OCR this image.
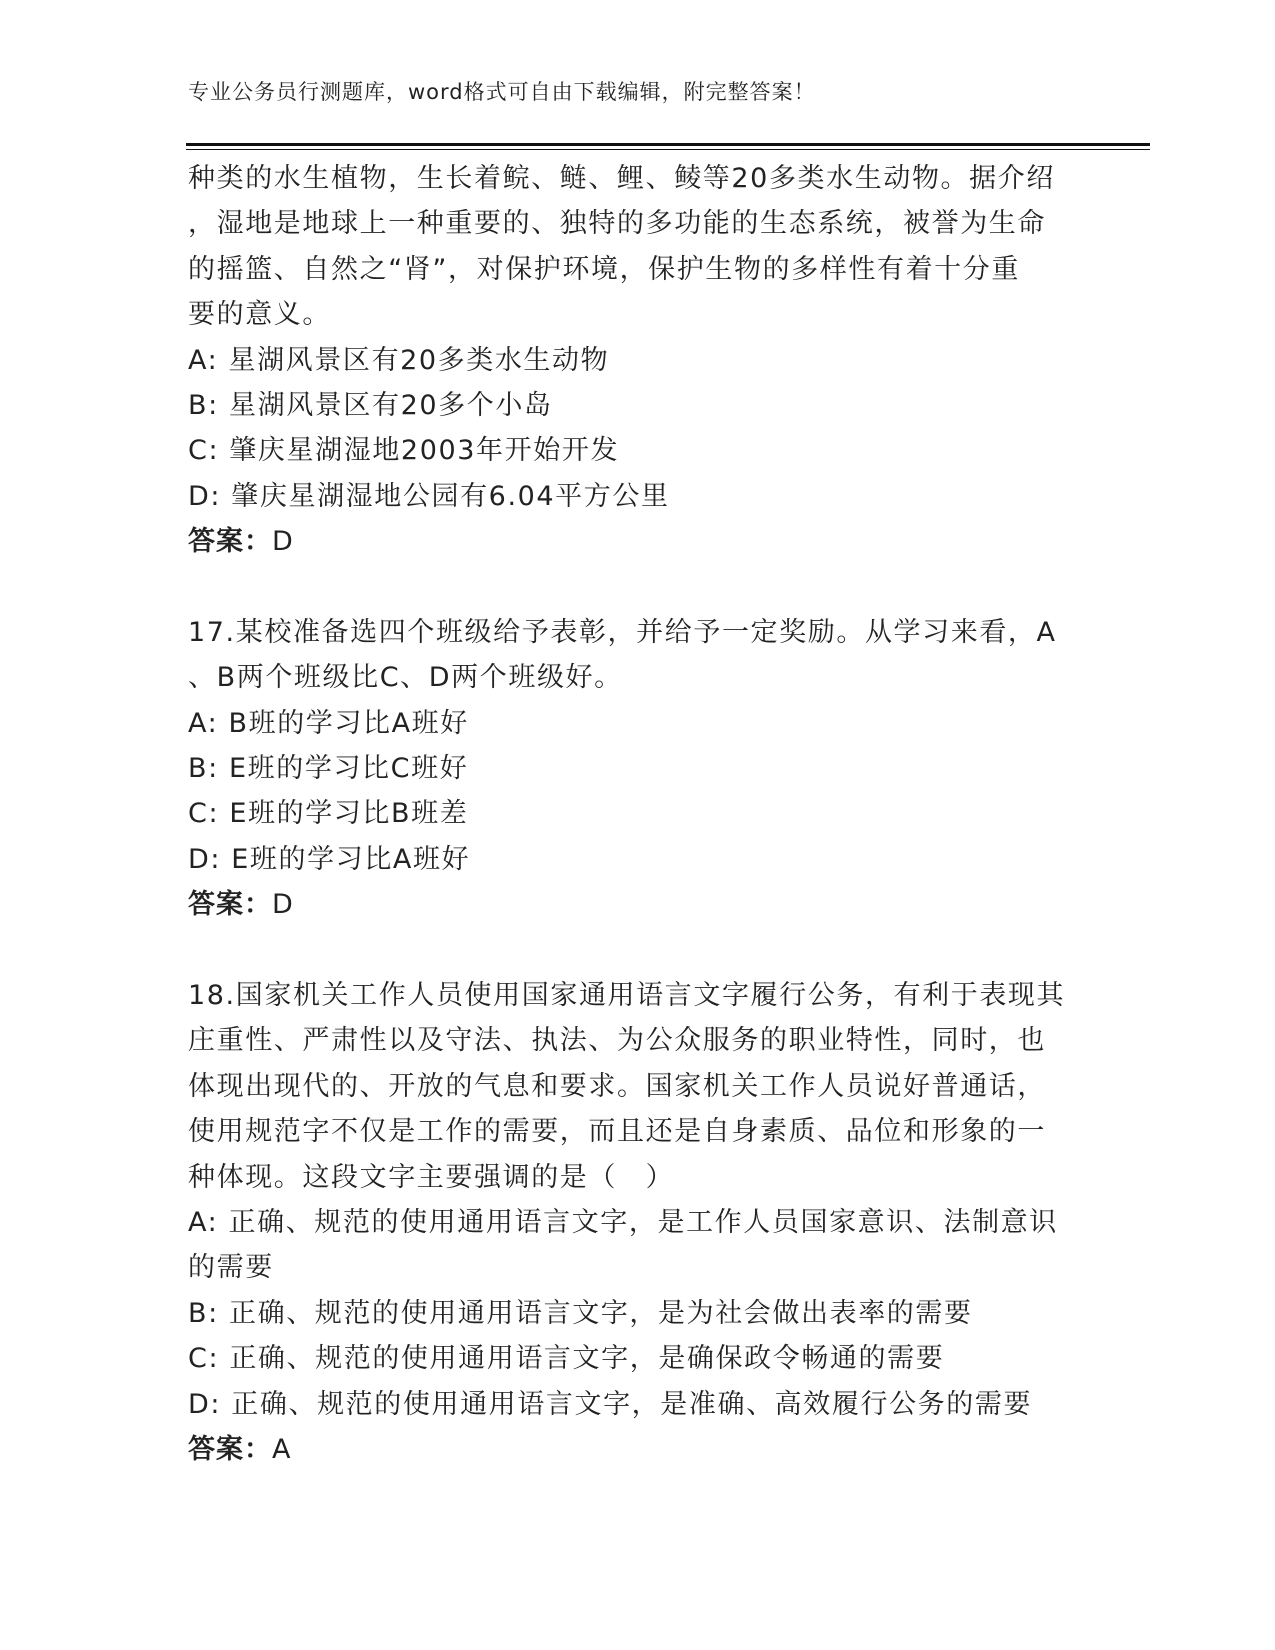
专业公务员行测题库，word格式可自由下载编辑，附完整答案！
种类的水生植物，生长着鲩、鲢、鲤、鲮等20多类水生动物。据介绍
，湿地是地球上一种重要的、独特的多功能的生态系统，被誉为生命
的摇篮、自然之“肾”，对保护环境，保护生物的多样性有着十分重
要的意义。
A: 星湖风景区有20多类水生动物
B: 星湖风景区有20多个小岛
C: 肇庆星湖湿地2003年开始开发
D: 肇庆星湖湿地公园有6.04平方公里
答案：D
17.某校准备选四个班级给予表彰，并给予一定奖励。从学习来看，A
、B两个班级比C、D两个班级好。
A: B班的学习比A班好
B: E班的学习比C班好
C: E班的学习比B班差
D: E班的学习比A班好
答案：D
18.国家机关工作人员使用国家通用语言文字履行公务，有利于表现其
庄重性、严肃性以及守法、执法、为公众服务的职业特性，同时，也
体现出现代的、开放的气息和要求。国家机关工作人员说好普通话，
使用规范字不仅是工作的需要，而且还是自身素质、品位和形象的一
种体现。这段文字主要强调的是（　）
A: 正确、规范的使用通用语言文字，是工作人员国家意识、法制意识
的需要
B: 正确、规范的使用通用语言文字，是为社会做出表率的需要
C: 正确、规范的使用通用语言文字，是确保政令畅通的需要
D: 正确、规范的使用通用语言文字，是准确、高效履行公务的需要
答案：A
